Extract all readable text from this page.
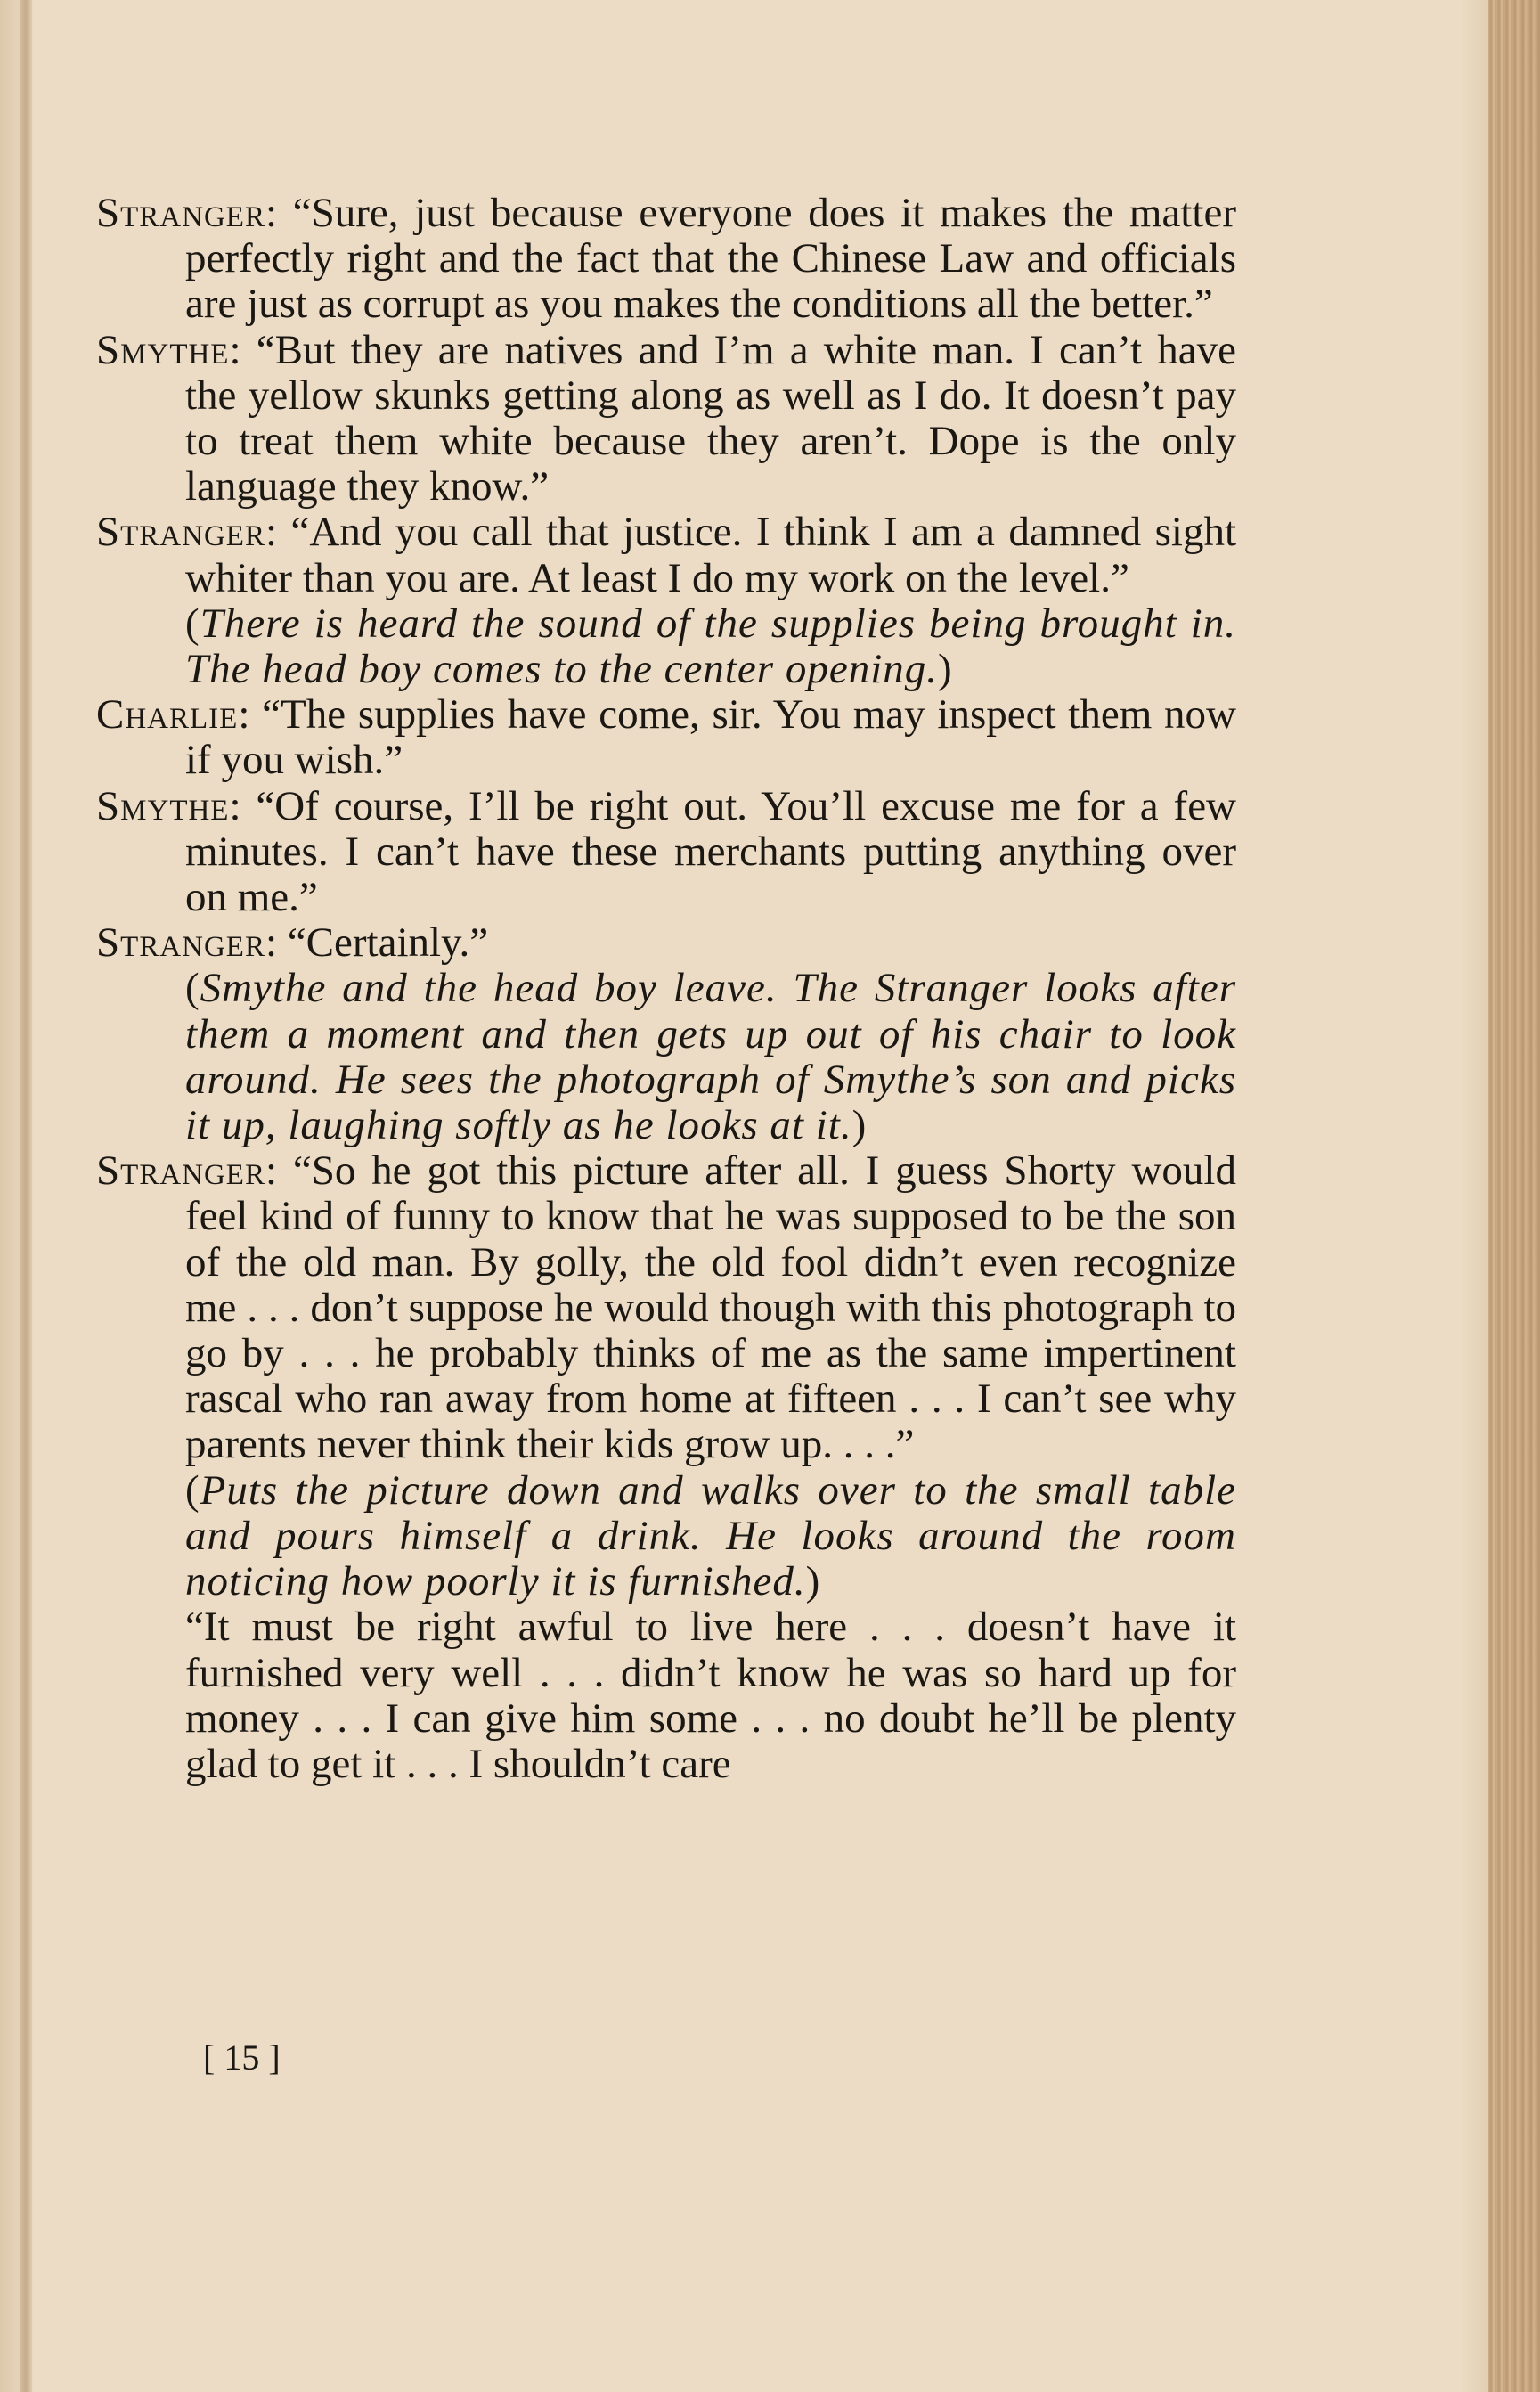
Stranger: “Sure, just because everyone does it makes the matter perfectly right and the fact that the Chinese Law and officials are just as corrupt as you makes the conditions all the better.”

Smythe: “But they are natives and I’m a white man. I can’t have the yellow skunks getting along as well as I do. It doesn’t pay to treat them white because they aren’t. Dope is the only language they know.”

Stranger: “And you call that justice. I think I am a damned sight whiter than you are. At least I do my work on the level.”

(There is heard the sound of the supplies being brought in. The head boy comes to the center opening.)

Charlie: “The supplies have come, sir. You may inspect them now if you wish.”

Smythe: “Of course, I’ll be right out. You’ll excuse me for a few minutes. I can’t have these merchants putting anything over on me.”

Stranger: “Certainly.”

(Smythe and the head boy leave. The Stranger looks after them a moment and then gets up out of his chair to look around. He sees the photograph of Smythe’s son and picks it up, laughing softly as he looks at it.)

Stranger: “So he got this picture after all. I guess Shorty would feel kind of funny to know that he was supposed to be the son of the old man. By golly, the old fool didn’t even recognize me . . . don’t suppose he would though with this photograph to go by . . . he probably thinks of me as the same impertinent rascal who ran away from home at fifteen . . . I can’t see why parents never think their kids grow up. . . .”

(Puts the picture down and walks over to the small table and pours himself a drink. He looks around the room noticing how poorly it is furnished.)

“It must be right awful to live here . . . doesn’t have it furnished very well . . . didn’t know he was so hard up for money . . . I can give him some . . . no doubt he’ll be plenty glad to get it . . . I shouldn’t care

[ 15 ]
